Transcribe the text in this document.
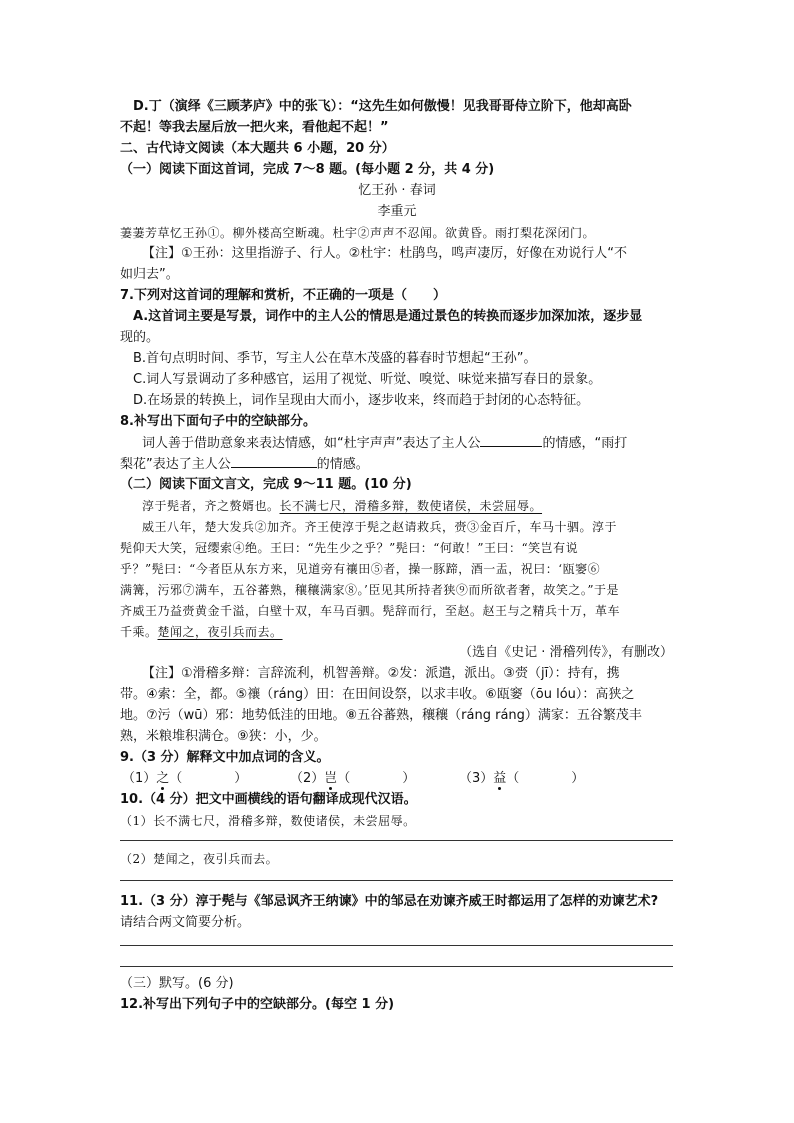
D.丁（演绎《三顾茅庐》中的张飞）：“这先生如何傲慢！见我哥哥侍立阶下，他却高卧
不起！等我去屋后放一把火来，看他起不起！”
二、古代诗文阅读（本大题共 6 小题，20 分）
（一）阅读下面这首词，完成 7～8 题。(每小题 2 分，共 4 分)
忆王孙 · 春词
李重元
萋萋芳草忆王孙①。柳外楼高空断魂。杜宇②声声不忍闻。欲黄昏。雨打梨花深闭门。
【注】①王孙：这里指游子、行人。②杜宇：杜鹃鸟，鸣声凄厉，好像在劝说行人“不
如归去”。
7.下列对这首词的理解和赏析，不正确的一项是（　　）
A.这首词主要是写景，词作中的主人公的情思是通过景色的转换而逐步加深加浓，逐步显
现的。
B.首句点明时间、季节，写主人公在草木茂盛的暮春时节想起“王孙”。
C.词人写景调动了多种感官，运用了视觉、听觉、嗅觉、味觉来描写春日的景象。
D.在场景的转换上，词作呈现由大而小，逐步收来，终而趋于封闭的心态特征。
8.补写出下面句子中的空缺部分。
词人善于借助意象来表达情感，如“杜宇声声”表达了主人公	的情感，“雨打
梨花”表达了主人公	的情感。
（二）阅读下面文言文，完成 9～11 题。(10 分)
淳于髡者，齐之赘婿也。长不满七尺，滑稽多辩，数使诸侯，未尝屈辱。
威王八年，楚大发兵②加齐。齐王使淳于髡之赵请救兵，赍③金百斤，车马十驷。淳于
髡仰天大笑，冠缨索④绝。王曰：“先生少之乎？”髡曰：“何敢！”王曰：“笑岂有说
乎？”髡曰：“今者臣从东方来，见道旁有禳田⑤者，操一豚蹄，酒一盂，祝曰：‘瓯窭⑥
满篝，污邪⑦满车，五谷蕃熟，穰穰满家⑧。’臣见其所持者狭⑨而所欲者奢，故笑之。”于是
齐威王乃益赍黄金千溢，白壁十双，车马百驷。髡辞而行，至赵。赵王与之精兵十万，革车
千乘。楚闻之，夜引兵而去。
（选自《史记 · 滑稽列传》，有删改）
【注】①滑稽多辩：言辞流利，机智善辩。②发：派遣，派出。③赍（jī）：持有，携
带。④索：全，都。⑤禳（ráng）田：在田间设祭，以求丰收。⑥瓯窭（ōu lóu）：高狭之
地。⑦污（wū）邪：地势低洼的田地。⑧五谷蕃熟，穰穰（ráng ráng）满家：五谷繁茂丰
熟，米粮堆积满仓。⑨狭：小，少。
9.（3 分）解释文中加点词的含义。
（1）之（　　　　）	（2）岂（　　　　）	（3）益（　　　　）
10.（4 分）把文中画横线的语句翻译成现代汉语。
（1）长不满七尺，滑稽多辩，数使诸侯，未尝屈辱。
（2）楚闻之，夜引兵而去。
11.（3 分）淳于髡与《邹忌讽齐王纳谏》中的邹忌在劝谏齐威王时都运用了怎样的劝谏艺术?
请结合两文简要分析。
（三）默写。(6 分)
12.补写出下列句子中的空缺部分。(每空 1 分)
